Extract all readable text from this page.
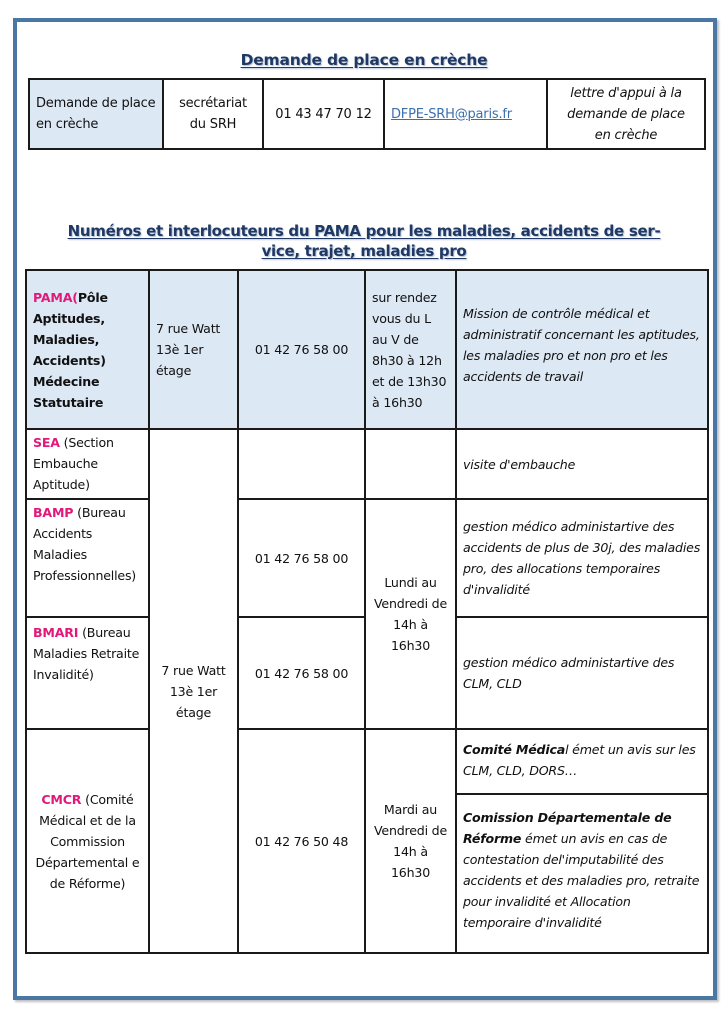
Demande de place en crèche
Demande de place en crèche
secrétariat du SRH
01 43 47 70 12 DFPE-SRH@paris.fr
lettre d'appui à la demande de place en crèche
Numéros et interlocuteurs du PAMA pour les maladies, accidents de ser-
vice, trajet, maladies pro
PAMA(Pôle Aptitudes, Maladies, Accidents) Médecine Statutaire
7 rue Watt 13è 1er étage
01 42 76 58 00
sur rendez vous du L au V de 8h30 à 12h et de 13h30 à 16h30
Mission de contrôle médical et administratif concernant les aptitudes, les maladies pro et non pro et les accidents de travail
SEA (Section Embauche Aptitude)
BAMP (Bureau Accidents Maladies Professionnelles)
BMARI (Bureau Maladies Retraite Invalidité)
CMCR (Comité Médical et de la Commission Départemental e de Réforme)
7 rue Watt 13è 1er étage
01 42 76 58 00
01 42 76 58 00
01 42 76 50 48
Lundi au Vendredi de 14h à 16h30
Mardi au Vendredi de 14h à 16h30
visite d'embauche
gestion médico administartive des accidents de plus de 30j, des maladies pro, des allocations temporaires d'invalidité
gestion médico administartive des CLM, CLD
Comité Médical émet un avis sur les CLM, CLD, DORS…
Comission Départementale de Réforme émet un avis en cas de contestation del'imputabilité des accidents et des maladies pro, retraite pour invalidité et Allocation temporaire d'invalidité
